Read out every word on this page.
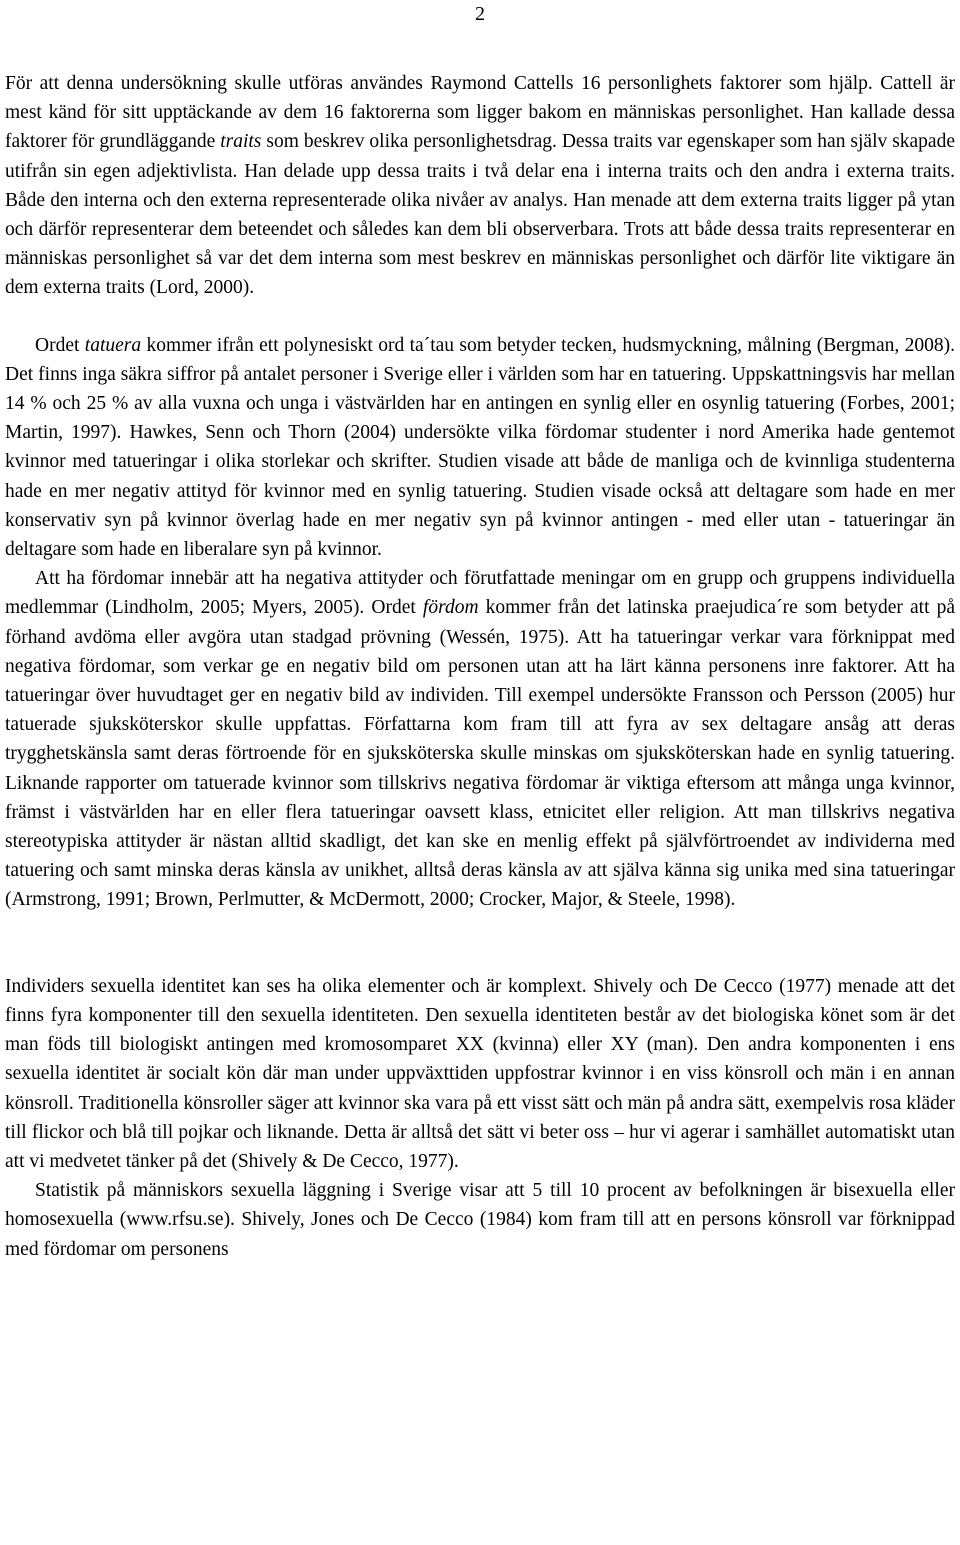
2

För att denna undersökning skulle utföras användes Raymond Cattells 16 personlighets faktorer som hjälp. Cattell är mest känd för sitt upptäckande av dem 16 faktorerna som ligger bakom en människas personlighet. Han kallade dessa faktorer för grundläggande traits som beskrev olika personlighetsdrag. Dessa traits var egenskaper som han själv skapade utifrån sin egen adjektivlista. Han delade upp dessa traits i två delar ena i interna traits och den andra i externa traits. Både den interna och den externa representerade olika nivåer av analys. Han menade att dem externa traits ligger på ytan och därför representerar dem beteendet och således kan dem bli observerbara. Trots att både dessa traits representerar en människas personlighet så var det dem interna som mest beskrev en människas personlighet och därför lite viktigare än dem externa traits (Lord, 2000).

Ordet tatuera kommer ifrån ett polynesiskt ord ta´tau som betyder tecken, hudsmyckning, målning (Bergman, 2008). Det finns inga säkra siffror på antalet personer i Sverige eller i världen som har en tatuering. Uppskattningsvis har mellan 14 % och 25 % av alla vuxna och unga i västvärlden har en antingen en synlig eller en osynlig tatuering (Forbes, 2001; Martin, 1997). Hawkes, Senn och Thorn (2004) undersökte vilka fördomar studenter i nord Amerika hade gentemot kvinnor med tatueringar i olika storlekar och skrifter. Studien visade att både de manliga och de kvinnliga studenterna hade en mer negativ attityd för kvinnor med en synlig tatuering. Studien visade också att deltagare som hade en mer konservativ syn på kvinnor överlag hade en mer negativ syn på kvinnor antingen - med eller utan - tatueringar än deltagare som hade en liberalare syn på kvinnor.

Att ha fördomar innebär att ha negativa attityder och förutfattade meningar om en grupp och gruppens individuella medlemmar (Lindholm, 2005; Myers, 2005). Ordet fördom kommer från det latinska praejudica´re som betyder att på förhand avdöma eller avgöra utan stadgad prövning (Wessén, 1975). Att ha tatueringar verkar vara förknippat med negativa fördomar, som verkar ge en negativ bild om personen utan att ha lärt känna personens inre faktorer. Att ha tatueringar över huvudtaget ger en negativ bild av individen. Till exempel undersökte Fransson och Persson (2005) hur tatuerade sjuksköterskor skulle uppfattas. Författarna kom fram till att fyra av sex deltagare ansåg att deras trygghetskänsla samt deras förtroende för en sjuksköterska skulle minskas om sjuksköterskan hade en synlig tatuering. Liknande rapporter om tatuerade kvinnor som tillskrivs negativa fördomar är viktiga eftersom att många unga kvinnor, främst i västvärlden har en eller flera tatueringar oavsett klass, etnicitet eller religion. Att man tillskrivs negativa stereotypiska attityder är nästan alltid skadligt, det kan ske en menlig effekt på självförtroendet av individerna med tatuering och samt minska deras känsla av unikhet, alltså deras känsla av att själva känna sig unika med sina tatueringar (Armstrong, 1991; Brown, Perlmutter, & McDermott, 2000; Crocker, Major, & Steele, 1998).

Individers sexuella identitet kan ses ha olika elementer och är komplext. Shively och De Cecco (1977) menade att det finns fyra komponenter till den sexuella identiteten. Den sexuella identiteten består av det biologiska könet som är det man föds till biologiskt antingen med kromosomparet XX (kvinna) eller XY (man). Den andra komponenten i ens sexuella identitet är socialt kön där man under uppväxttiden uppfostrar kvinnor i en viss könsroll och män i en annan könsroll. Traditionella könsroller säger att kvinnor ska vara på ett visst sätt och män på andra sätt, exempelvis rosa kläder till flickor och blå till pojkar och liknande. Detta är alltså det sätt vi beter oss – hur vi agerar i samhället automatiskt utan att vi medvetet tänker på det (Shively & De Cecco, 1977).

Statistik på människors sexuella läggning i Sverige visar att 5 till 10 procent av befolkningen är bisexuella eller homosexuella (www.rfsu.se). Shively, Jones och De Cecco (1984) kom fram till att en persons könsroll var förknippad med fördomar om personens
